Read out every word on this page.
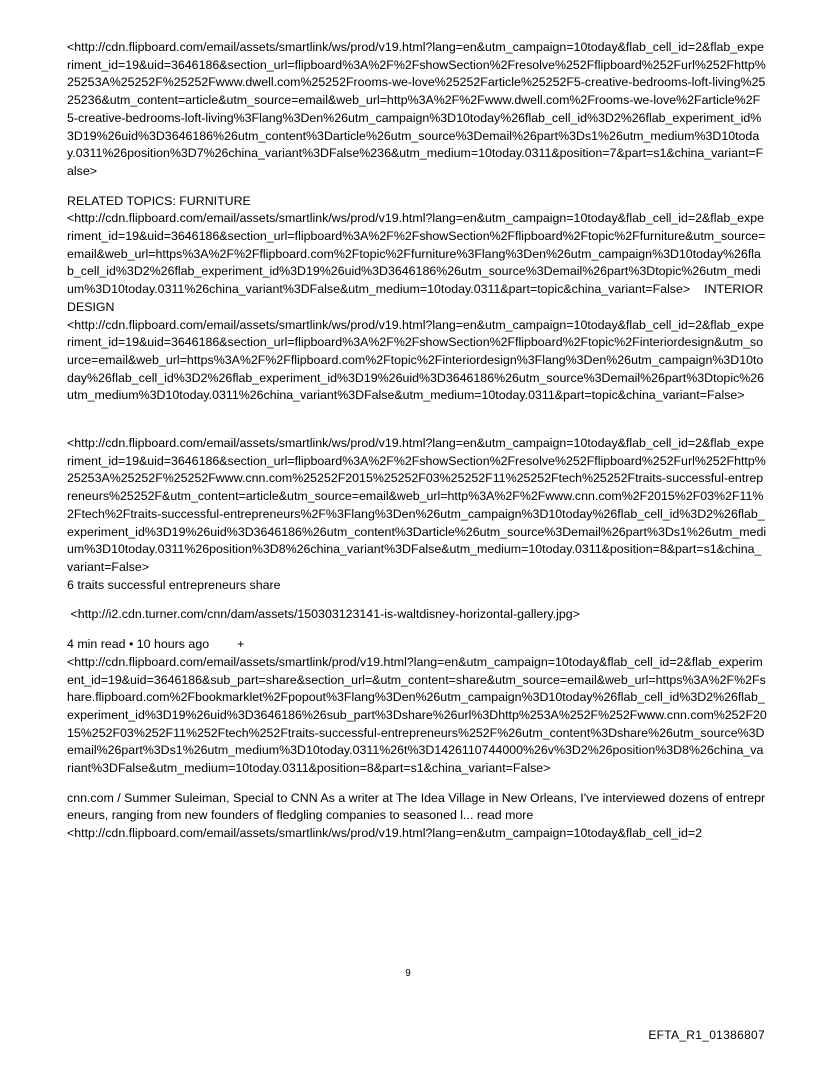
<http://cdn.flipboard.com/email/assets/smartlink/ws/prod/v19.html?lang=en&utm_campaign=10today&flab_cell_id=2&flab_experiment_id=19&uid=3646186&section_url=flipboard%3A%2F%2FshowSection%2Fresolve%252Fflipboard%252Furl%252Fhttp%25253A%25252F%25252Fwww.dwell.com%25252Frooms-we-love%25252Farticle%25252F5-creative-bedrooms-loft-living%2525236&utm_content=article&utm_source=email&web_url=http%3A%2F%2Fwww.dwell.com%2Frooms-we-love%2Farticle%2F5-creative-bedrooms-loft-living%3Flang%3Den%26utm_campaign%3D10today%26flab_cell_id%3D2%26flab_experiment_id%3D19%26uid%3D3646186%26utm_content%3Darticle%26utm_source%3Demail%26part%3Ds1%26utm_medium%3D10today.0311%26position%3D7%26china_variant%3DFalse%236&utm_medium=10today.0311&position=7&part=s1&china_variant=False>

RELATED TOPICS: FURNITURE

<http://cdn.flipboard.com/email/assets/smartlink/ws/prod/v19.html?lang=en&utm_campaign=10today&flab_cell_id=2&flab_experiment_id=19&uid=3646186&section_url=flipboard%3A%2F%2FshowSection%2Fflipboard%2Ftopic%2Ffurniture&utm_source=email&web_url=https%3A%2F%2Fflipboard.com%2Ftopic%2Ffurniture%3Flang%3Den%26utm_campaign%3D10today%26flab_cell_id%3D2%26flab_experiment_id%3D19%26uid%3D3646186%26utm_source%3Demail%26part%3Dtopic%26utm_medium%3D10today.0311%26china_variant%3DFalse&utm_medium=10today.0311&part=topic&china_variant=False> INTERIOR DESIGN

<http://cdn.flipboard.com/email/assets/smartlink/ws/prod/v19.html?lang=en&utm_campaign=10today&flab_cell_id=2&flab_experiment_id=19&uid=3646186&section_url=flipboard%3A%2F%2FshowSection%2Fflipboard%2Ftopic%2Finteriordesign&utm_source=email&web_url=https%3A%2F%2Fflipboard.com%2Ftopic%2Finteriordesign%3Flang%3Den%26utm_campaign%3D10today%26flab_cell_id%3D2%26flab_experiment_id%3D19%26uid%3D3646186%26utm_source%3Demail%26part%3Dtopic%26utm_medium%3D10today.0311%26china_variant%3DFalse&utm_medium=10today.0311&part=topic&china_variant=False>

<http://cdn.flipboard.com/email/assets/smartlink/ws/prod/v19.html?lang=en&utm_campaign=10today&flab_cell_id=2&flab_experiment_id=19&uid=3646186&section_url=flipboard%3A%2F%2FshowSection%2Fresolve%252Fflipboard%252Furl%252Fhttp%25253A%25252F%25252Fwww.cnn.com%25252F2015%25252F03%25252F11%25252Ftech%25252Ftraits-successful-entrepreneurs%25252F&utm_content=article&utm_source=email&web_url=http%3A%2F%2Fwww.cnn.com%2F2015%2F03%2F11%2Ftech%2Ftraits-successful-entrepreneurs%2F%3Flang%3Den%26utm_campaign%3D10today%26flab_cell_id%3D2%26flab_experiment_id%3D19%26uid%3D3646186%26utm_content%3Darticle%26utm_source%3Demail%26part%3Ds1%26utm_medium%3D10today.0311%26position%3D8%26china_variant%3DFalse&utm_medium=10today.0311&position=8&part=s1&china_variant=False>

6 traits successful entrepreneurs share

<http://i2.cdn.turner.com/cnn/dam/assets/150303123141-is-waltdisney-horizontal-gallery.jpg>

4 min read • 10 hours ago +

<http://cdn.flipboard.com/email/assets/smartlink/prod/v19.html?lang=en&utm_campaign=10today&flab_cell_id=2&flab_experiment_id=19&uid=3646186&sub_part=share&section_url=&utm_content=share&utm_source=email&web_url=https%3A%2F%2Fshare.flipboard.com%2Fbookmarklet%2Fpopout%3Flang%3Den%26utm_campaign%3D10today%26flab_cell_id%3D2%26flab_experiment_id%3D19%26uid%3D3646186%26sub_part%3Dshare%26url%3Dhttp%253A%252F%252Fwww.cnn.com%252F2015%252F03%252F11%252Ftech%252Ftraits-successful-entrepreneurs%252F%26utm_content%3Dshare%26utm_source%3Demail%26part%3Ds1%26utm_medium%3D10today.0311%26t%3D1426110744000%26v%3D2%26position%3D8%26china_variant%3DFalse&utm_medium=10today.0311&position=8&part=s1&china_variant=False>

cnn.com / Summer Suleiman, Special to CNN As a writer at The Idea Village in New Orleans, I've interviewed dozens of entrepreneurs, ranging from new founders of fledgling companies to seasoned l... read more

<http://cdn.flipboard.com/email/assets/smartlink/ws/prod/v19.html?lang=en&utm_campaign=10today&flab_cell_id=2

9
EFTA_R1_01386807
